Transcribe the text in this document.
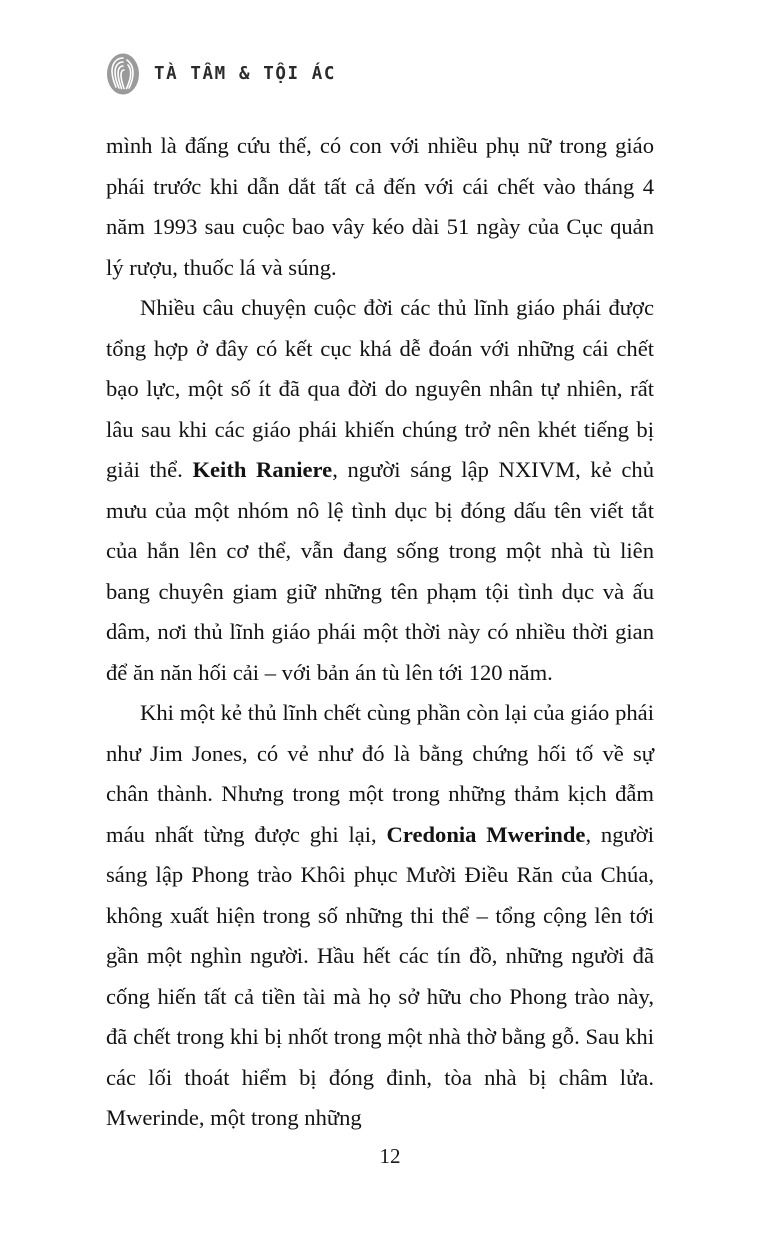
TÀ TÂM & TỘI ÁC

mình là đấng cứu thế, có con với nhiều phụ nữ trong giáo phái trước khi dẫn dắt tất cả đến với cái chết vào tháng 4 năm 1993 sau cuộc bao vây kéo dài 51 ngày của Cục quản lý rượu, thuốc lá và súng.

Nhiều câu chuyện cuộc đời các thủ lĩnh giáo phái được tổng hợp ở đây có kết cục khá dễ đoán với những cái chết bạo lực, một số ít đã qua đời do nguyên nhân tự nhiên, rất lâu sau khi các giáo phái khiến chúng trở nên khét tiếng bị giải thể. Keith Raniere, người sáng lập NXIVM, kẻ chủ mưu của một nhóm nô lệ tình dục bị đóng dấu tên viết tắt của hắn lên cơ thể, vẫn đang sống trong một nhà tù liên bang chuyên giam giữ những tên phạm tội tình dục và ấu dâm, nơi thủ lĩnh giáo phái một thời này có nhiều thời gian để ăn năn hối cải – với bản án tù lên tới 120 năm.

Khi một kẻ thủ lĩnh chết cùng phần còn lại của giáo phái như Jim Jones, có vẻ như đó là bằng chứng hối tố về sự chân thành. Nhưng trong một trong những thảm kịch đẫm máu nhất từng được ghi lại, Credonia Mwerinde, người sáng lập Phong trào Khôi phục Mười Điều Răn của Chúa, không xuất hiện trong số những thi thể – tổng cộng lên tới gần một nghìn người. Hầu hết các tín đồ, những người đã cống hiến tất cả tiền tài mà họ sở hữu cho Phong trào này, đã chết trong khi bị nhốt trong một nhà thờ bằng gỗ. Sau khi các lối thoát hiểm bị đóng đinh, tòa nhà bị châm lửa. Mwerinde, một trong những

12
